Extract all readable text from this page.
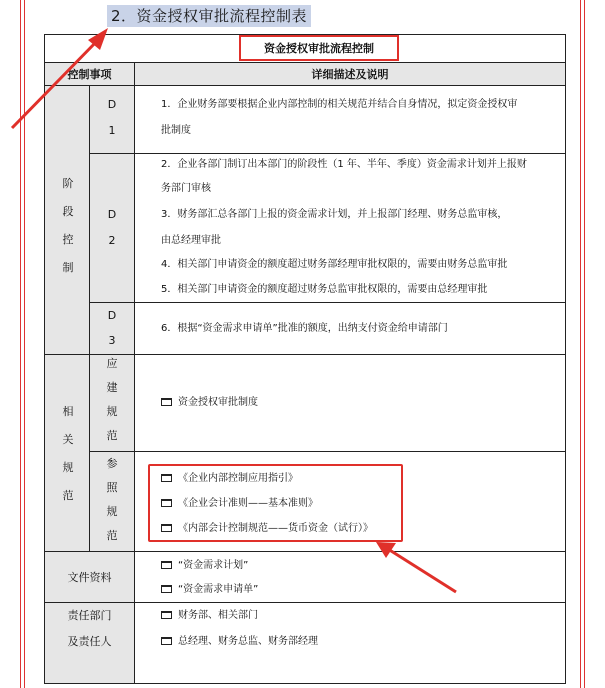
2．资金授权审批流程控制表
资金授权审批流程控制
控制事项	详细描述及说明
阶
段
控
制
D
1
D
2
D
3
1．企业财务部要根据企业内部控制的相关规范并结合自身情况，拟定资金授权审
批制度
2．企业各部门制订出本部门的阶段性（1 年、半年、季度）资金需求计划并上报财
务部门审核
3．财务部汇总各部门上报的资金需求计划，并上报部门经理、财务总监审核，
由总经理审批
4．相关部门申请资金的额度超过财务部经理审批权限的，需要由财务总监审批
5．相关部门申请资金的额度超过财务总监审批权限的，需要由总经理审批
6．根据“资金需求申请单”批准的额度，出纳支付资金给申请部门
相
关
规
范
应
建
规
范
参
照
规
范
资金授权审批制度
《企业内部控制应用指引》
《企业会计准则——基本准则》
《内部会计控制规范——货币资金（试行）》
文件资料
“资金需求计划”
“资金需求申请单”
责任部门
及责任人
财务部、相关部门
总经理、财务总监、财务部经理
